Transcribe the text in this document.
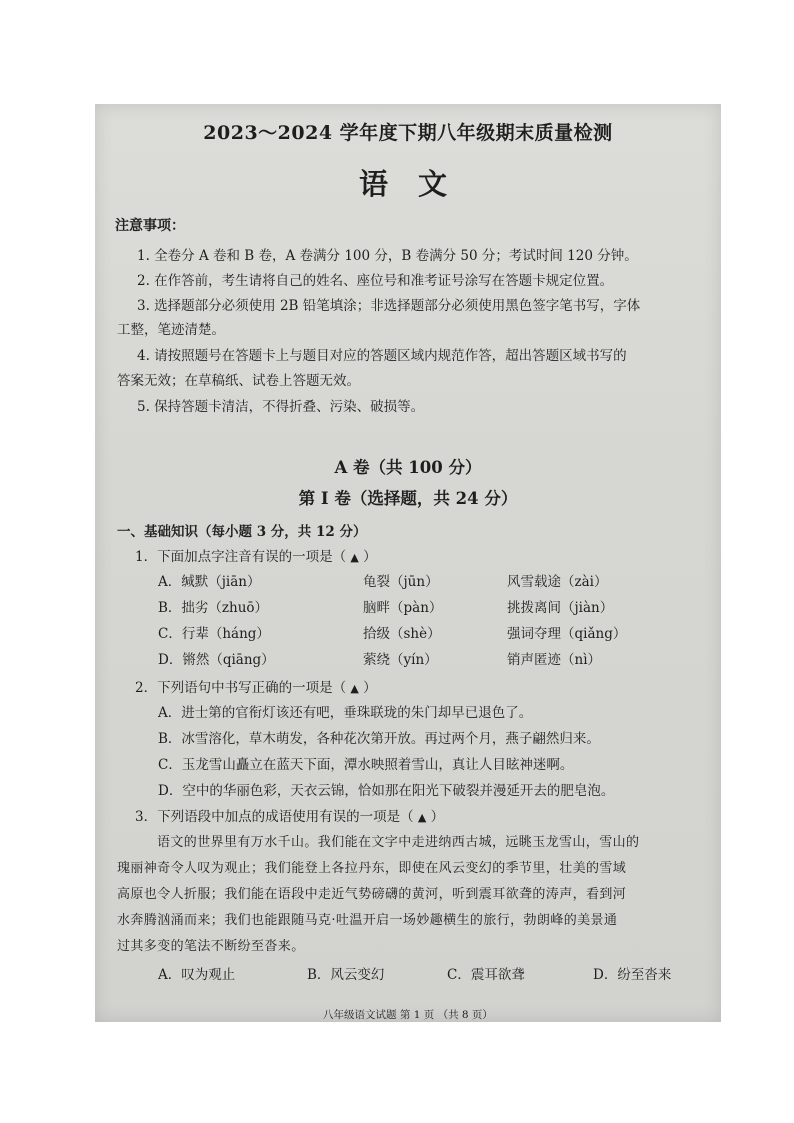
2023～2024 学年度下期八年级期末质量检测
语 文
注意事项：
1. 全卷分 A 卷和 B 卷，A 卷满分 100 分，B 卷满分 50 分；考试时间 120 分钟。
2. 在作答前，考生请将自己的姓名、座位号和准考证号涂写在答题卡规定位置。
3. 选择题部分必须使用 2B 铅笔填涂；非选择题部分必须使用黑色签字笔书写，字体
工整，笔迹清楚。
4. 请按照题号在答题卡上与题目对应的答题区域内规范作答，超出答题区域书写的
答案无效；在草稿纸、试卷上答题无效。
5. 保持答题卡清洁，不得折叠、污染、破损等。
A 卷（共 100 分）
第 I 卷（选择题，共 24 分）
一、基础知识（每小题 3 分，共 12 分）
1．下面加点字注音有误的一项是（ ▲ ）
A．缄默（jiān）	龟裂（jūn）	风雪载途（zài）
B．拙劣（zhuō）	脑畔（pàn）	挑拨离间（jiàn）
C．行辈（háng）	拾级（shè）	强词夺理（qiǎng）
D．锵然（qiāng）	萦绕（yín）	销声匿迹（nì）
2．下列语句中书写正确的一项是（ ▲ ）
A．进士第的官衔灯该还有吧，垂珠联珑的朱门却早已退色了。
B．冰雪溶化，草木萌发，各种花次第开放。再过两个月，燕子翩然归来。
C．玉龙雪山矗立在蓝天下面，潭水映照着雪山，真让人目眩神迷啊。
D．空中的华丽色彩，天衣云锦，恰如那在阳光下破裂并漫延开去的肥皂泡。
3．下列语段中加点的成语使用有误的一项是（ ▲ ）
语文的世界里有万水千山。我们能在文字中走进纳西古城，远眺玉龙雪山，雪山的
瑰丽神奇令人叹为观止；我们能登上各拉丹东，即使在风云变幻的季节里，壮美的雪域
高原也令人折服；我们能在语段中走近气势磅礴的黄河，听到震耳欲聋的涛声，看到河
水奔腾汹涌而来；我们也能跟随马克·吐温开启一场妙趣横生的旅行，勃朗峰的美景通
过其多变的笔法不断纷至沓来。
A．叹为观止	B．风云变幻	C．震耳欲聋	D．纷至沓来
八年级语文试题 第 1 页 （共 8 页）
